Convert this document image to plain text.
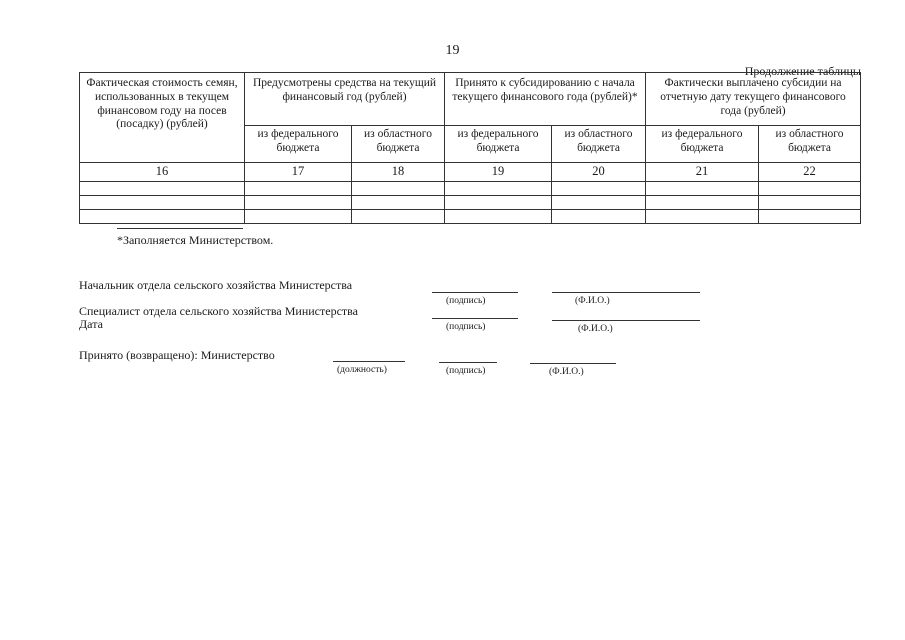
19
Продолжение таблицы
Фактическая стоимость семян, использованных в текущем финансовом году на посев (посадку) (рублей)	Предусмотрены средства на текущий финансовый год (рублей)		Принято к субсидированию с начала текущего финансового года (рублей)*		Фактически выплачено субсидии на отчетную дату текущего финансового года (рублей)	
	из федерального бюджета	из областного бюджета	из федерального бюджета	из областного бюджета	из федерального бюджета	из областного бюджета
16	17	18	19	20	21	22

*Заполняется Министерством.
Начальник отдела сельского хозяйства Министерства
(подпись)	(Ф.И.О.)
Специалист отдела сельского хозяйства Министерства
Дата	(подпись)	(Ф.И.О.)
Принято (возвращено): Министерство
(должность)	(подпись)	(Ф.И.О.)
